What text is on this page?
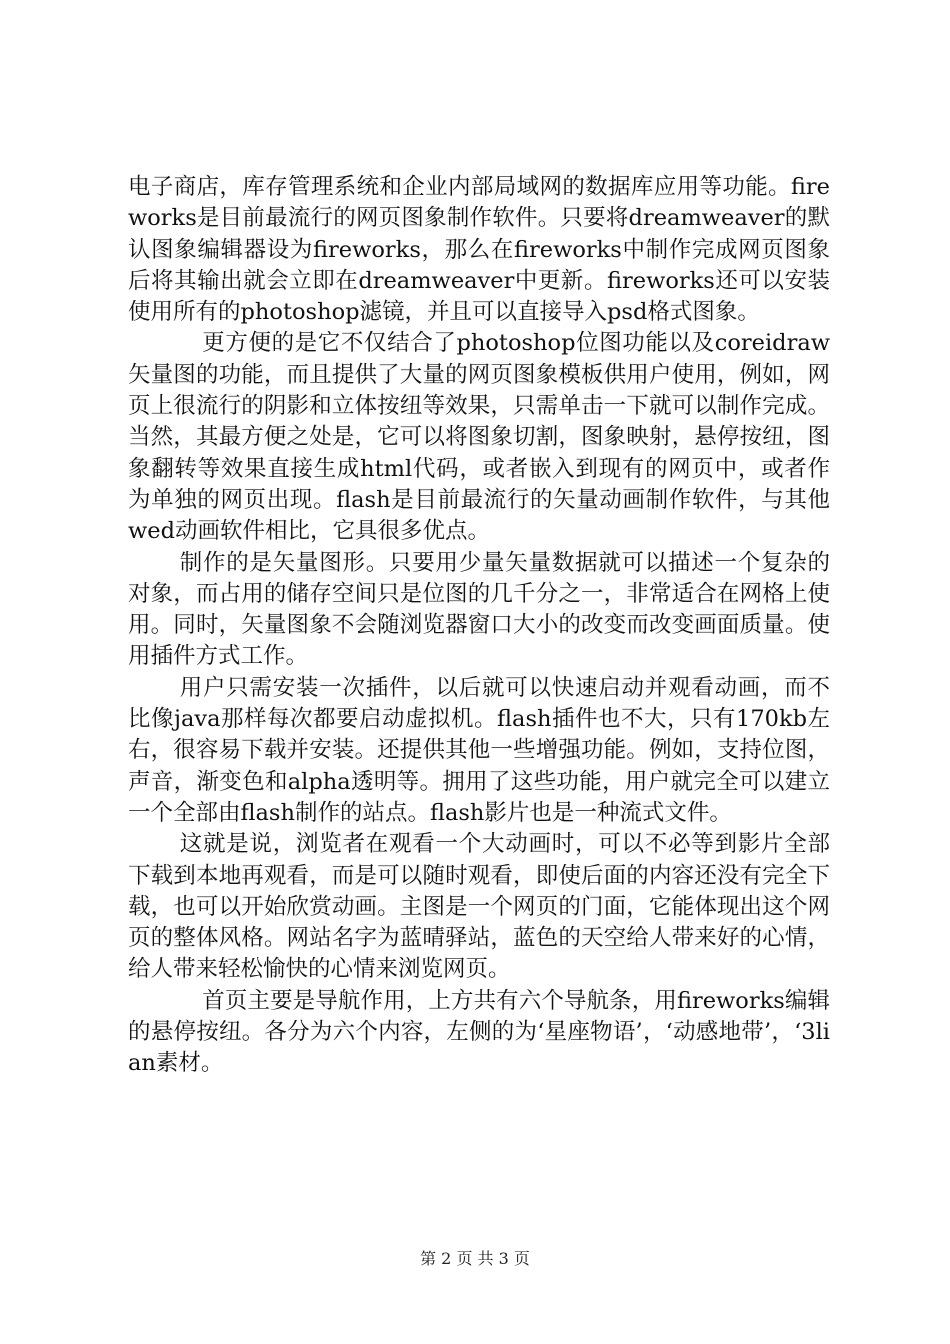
电子商店，库存管理系统和企业内部局域网的数据库应用等功能。fireworks是目前最流行的网页图象制作软件。只要将dreamweaver的默认图象编辑器设为fireworks，那么在fireworks中制作完成网页图象后将其输出就会立即在dreamweaver中更新。fireworks还可以安装使用所有的photoshop滤镜，并且可以直接导入psd格式图象。

更方便的是它不仅结合了photoshop位图功能以及coreidraw矢量图的功能，而且提供了大量的网页图象模板供用户使用，例如，网页上很流行的阴影和立体按纽等效果，只需单击一下就可以制作完成。当然，其最方便之处是，它可以将图象切割，图象映射，悬停按纽，图象翻转等效果直接生成html代码，或者嵌入到现有的网页中，或者作为单独的网页出现。flash是目前最流行的矢量动画制作软件，与其他wed动画软件相比，它具很多优点。

制作的是矢量图形。只要用少量矢量数据就可以描述一个复杂的对象，而占用的储存空间只是位图的几千分之一，非常适合在网格上使用。同时，矢量图象不会随浏览器窗口大小的改变而改变画面质量。使用插件方式工作。

用户只需安装一次插件，以后就可以快速启动并观看动画，而不比像java那样每次都要启动虚拟机。flash插件也不大，只有170kb左右，很容易下载并安装。还提供其他一些增强功能。例如，支持位图，声音，渐变色和alpha透明等。拥用了这些功能，用户就完全可以建立一个全部由flash制作的站点。flash影片也是一种流式文件。

这就是说，浏览者在观看一个大动画时，可以不必等到影片全部下载到本地再观看，而是可以随时观看，即使后面的内容还没有完全下载，也可以开始欣赏动画。主图是一个网页的门面，它能体现出这个网页的整体风格。网站名字为蓝晴驿站，蓝色的天空给人带来好的心情，给人带来轻松愉快的心情来浏览网页。

首页主要是导航作用，上方共有六个导航条，用fireworks编辑的悬停按纽。各分为六个内容，左侧的为‘星座物语’，‘动感地带’，‘3lian素材。

第 2 页 共 3 页
